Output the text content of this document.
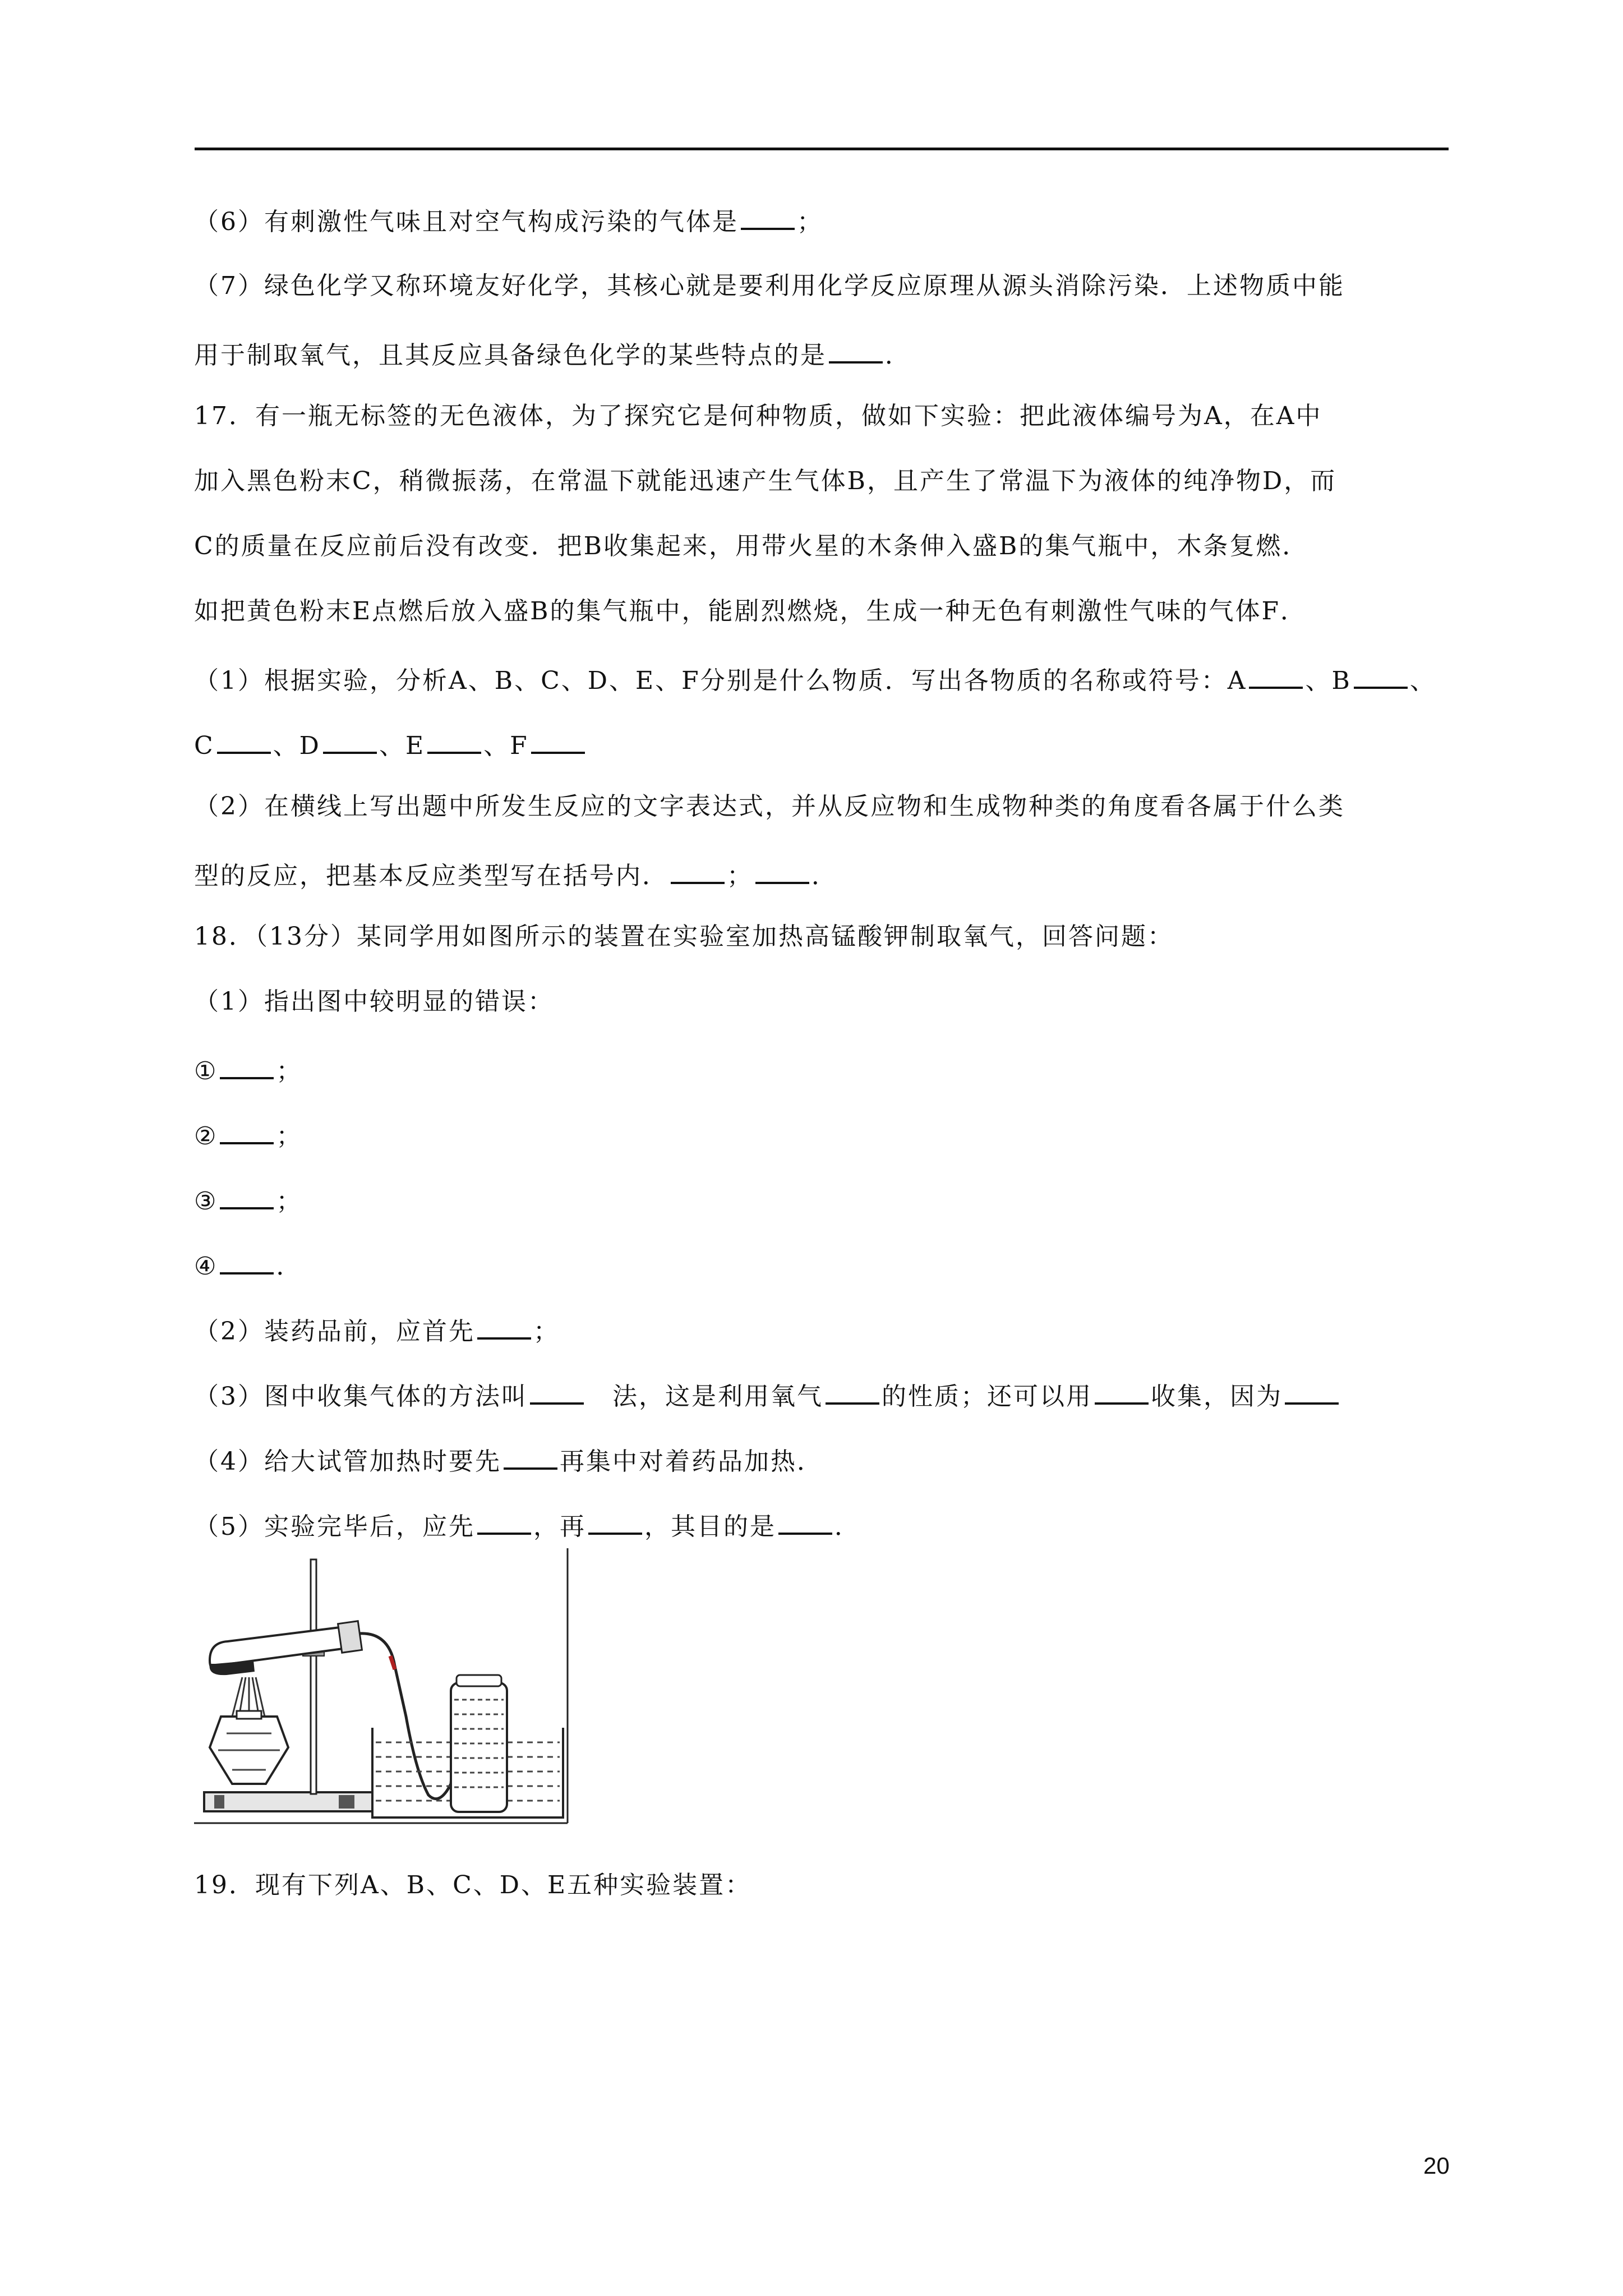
（6）有刺激性气味且对空气构成污染的气体是 ；
（7）绿色化学又称环境友好化学，其核心就是要利用化学反应原理从源头消除污染．上述物质中能
用于制取氧气，且其反应具备绿色化学的某些特点的是 ．
17．有一瓶无标签的无色液体，为了探究它是何种物质，做如下实验：把此液体编号为A，在A中
加入黑色粉末C，稍微振荡，在常温下就能迅速产生气体B，且产生了常温下为液体的纯净物D，而
C的质量在反应前后没有改变．把B收集起来，用带火星的木条伸入盛B的集气瓶中，木条复燃．
如把黄色粉末E点燃后放入盛B的集气瓶中，能剧烈燃烧，生成一种无色有刺激性气味的气体F．
（1）根据实验，分析A、B、C、D、E、F分别是什么物质．写出各物质的名称或符号：A 、B 、
C 、D 、E 、F
（2）在横线上写出题中所发生反应的文字表达式，并从反应物和生成物种类的角度看各属于什么类
型的反应，把基本反应类型写在括号内． ； ．
18．（13分）某同学用如图所示的装置在实验室加热高锰酸钾制取氧气，回答问题：
（1）指出图中较明显的错误：
① ；
② ；
③ ；
④ ．
（2）装药品前，应首先 ；
（3）图中收集气体的方法叫　法，这是利用氧气 的性质；还可以用 收集，因为
（4）给大试管加热时要先 再集中对着药品加热．
（5）实验完毕后，应先 ，再 ，其目的是 ．
19．现有下列A、B、C、D、E五种实验装置：
20
